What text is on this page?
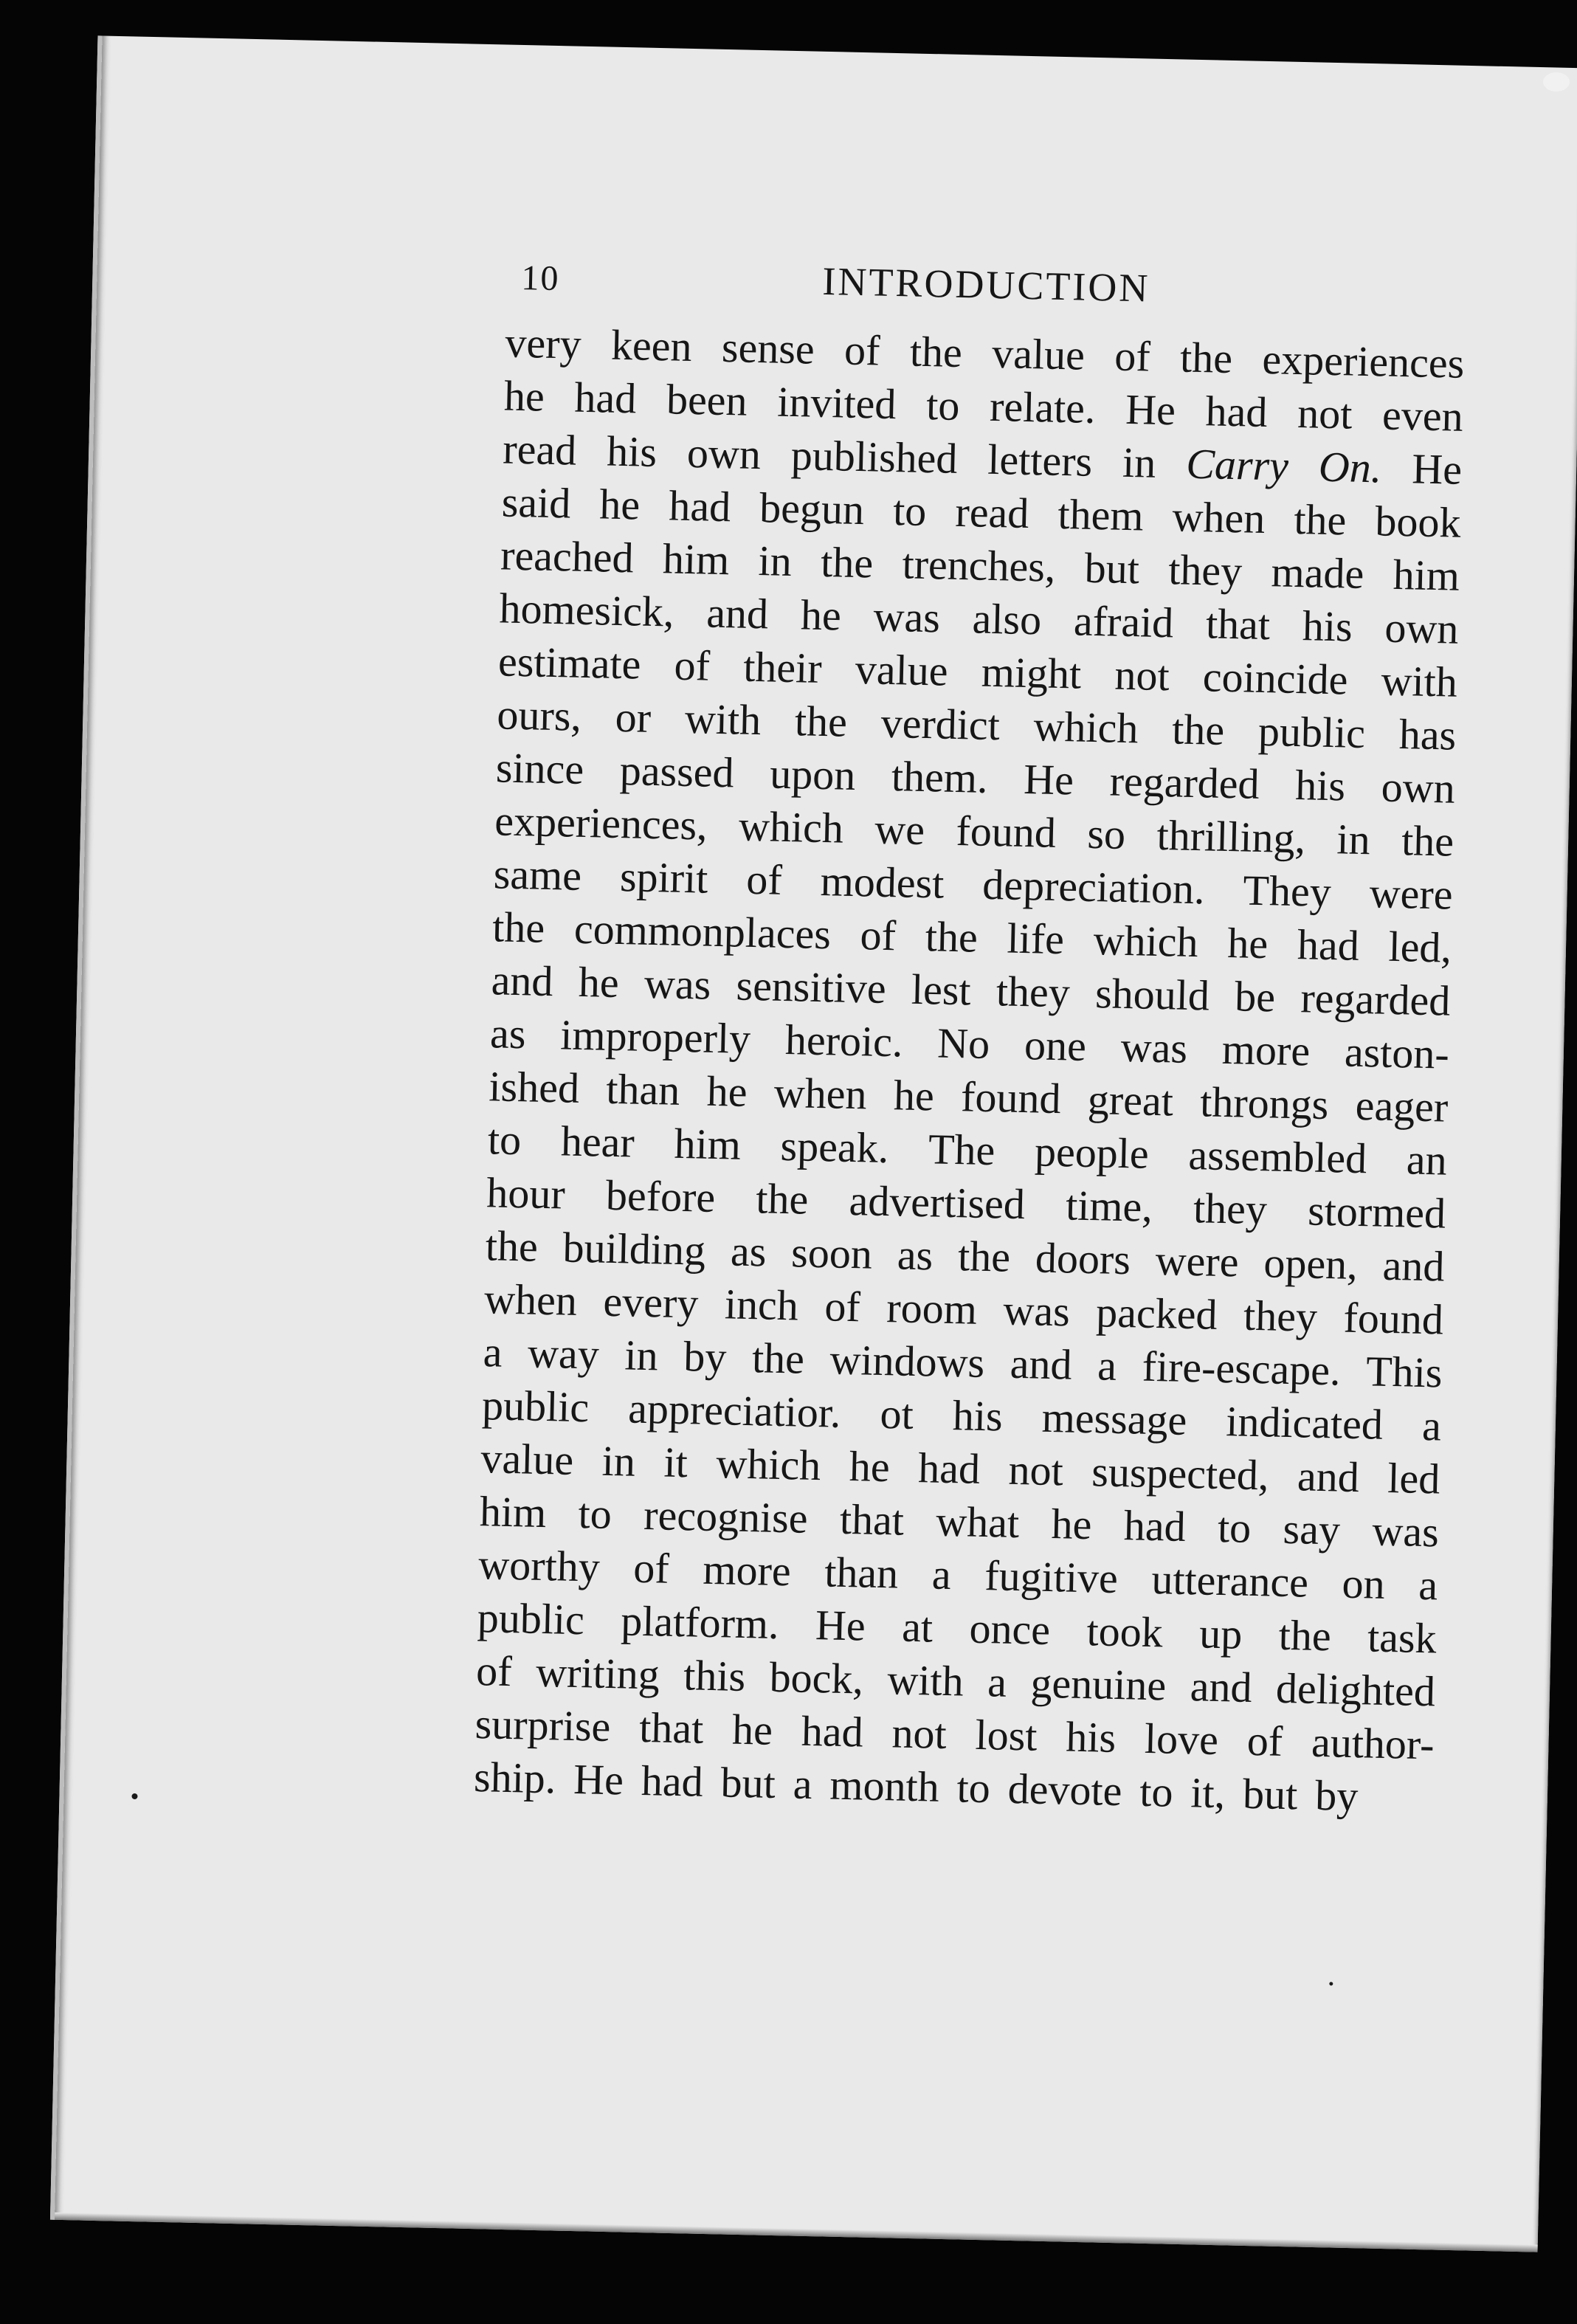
10	INTRODUCTION
very keen sense of the value of the experiences
he had been invited to relate. He had not even
read his own published letters in Carry On. He
said he had begun to read them when the book
reached him in the trenches, but they made him
homesick, and he was also afraid that his own
estimate of their value might not coincide with
ours, or with the verdict which the public has
since passed upon them. He regarded his own
experiences, which we found so thrilling, in the
same spirit of modest depreciation. They were
the commonplaces of the life which he had led,
and he was sensitive lest they should be regarded
as improperly heroic. No one was more aston-
ished than he when he found great throngs eager
to hear him speak. The people assembled an
hour before the advertised time, they stormed
the building as soon as the doors were open, and
when every inch of room was packed they found
a way in by the windows and a fire-escape. This
public appreciatior. ot his message indicated a
value in it which he had not suspected, and led
him to recognise that what he had to say was
worthy of more than a fugitive utterance on a
public platform. He at once took up the task
of writing this bock, with a genuine and delighted
surprise that he had not lost his love of author-
ship. He had but a month to devote to it, but by
